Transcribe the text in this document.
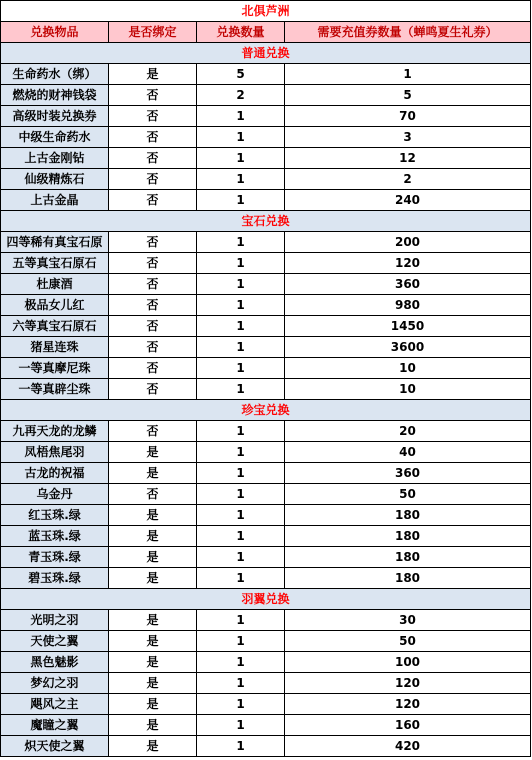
北俱芦洲			
兑换物品	是否绑定	兑换数量	需要充值券数量（蝉鸣夏生礼券）
普通兑换			
生命药水（绑）	是	5	1
燃烧的财神钱袋	否	2	5
高级时装兑换券	否	1	70
中级生命药水	否	1	3
上古金刚钻	否	1	12
仙级精炼石	否	1	2
上古金晶	否	1	240
宝石兑换			
四等稀有真宝石原	否	1	200
五等真宝石原石	否	1	120
杜康酒	否	1	360
极品女儿红	否	1	980
六等真宝石原石	否	1	1450
猪星连珠	否	1	3600
一等真摩尼珠	否	1	10
一等真辟尘珠	否	1	10
珍宝兑换			
九再天龙的龙鳞	否	1	20
凤梧焦尾羽	是	1	40
古龙的祝福	是	1	360
乌金丹	否	1	50
红玉珠.绿	是	1	180
蓝玉珠.绿	是	1	180
青玉珠.绿	是	1	180
碧玉珠.绿	是	1	180
羽翼兑换			
光明之羽	是	1	30
天使之翼	是	1	50
黑色魅影	是	1	100
梦幻之羽	是	1	120
飓风之主	是	1	120
魔瞳之翼	是	1	160
炽天使之翼	是	1	420
